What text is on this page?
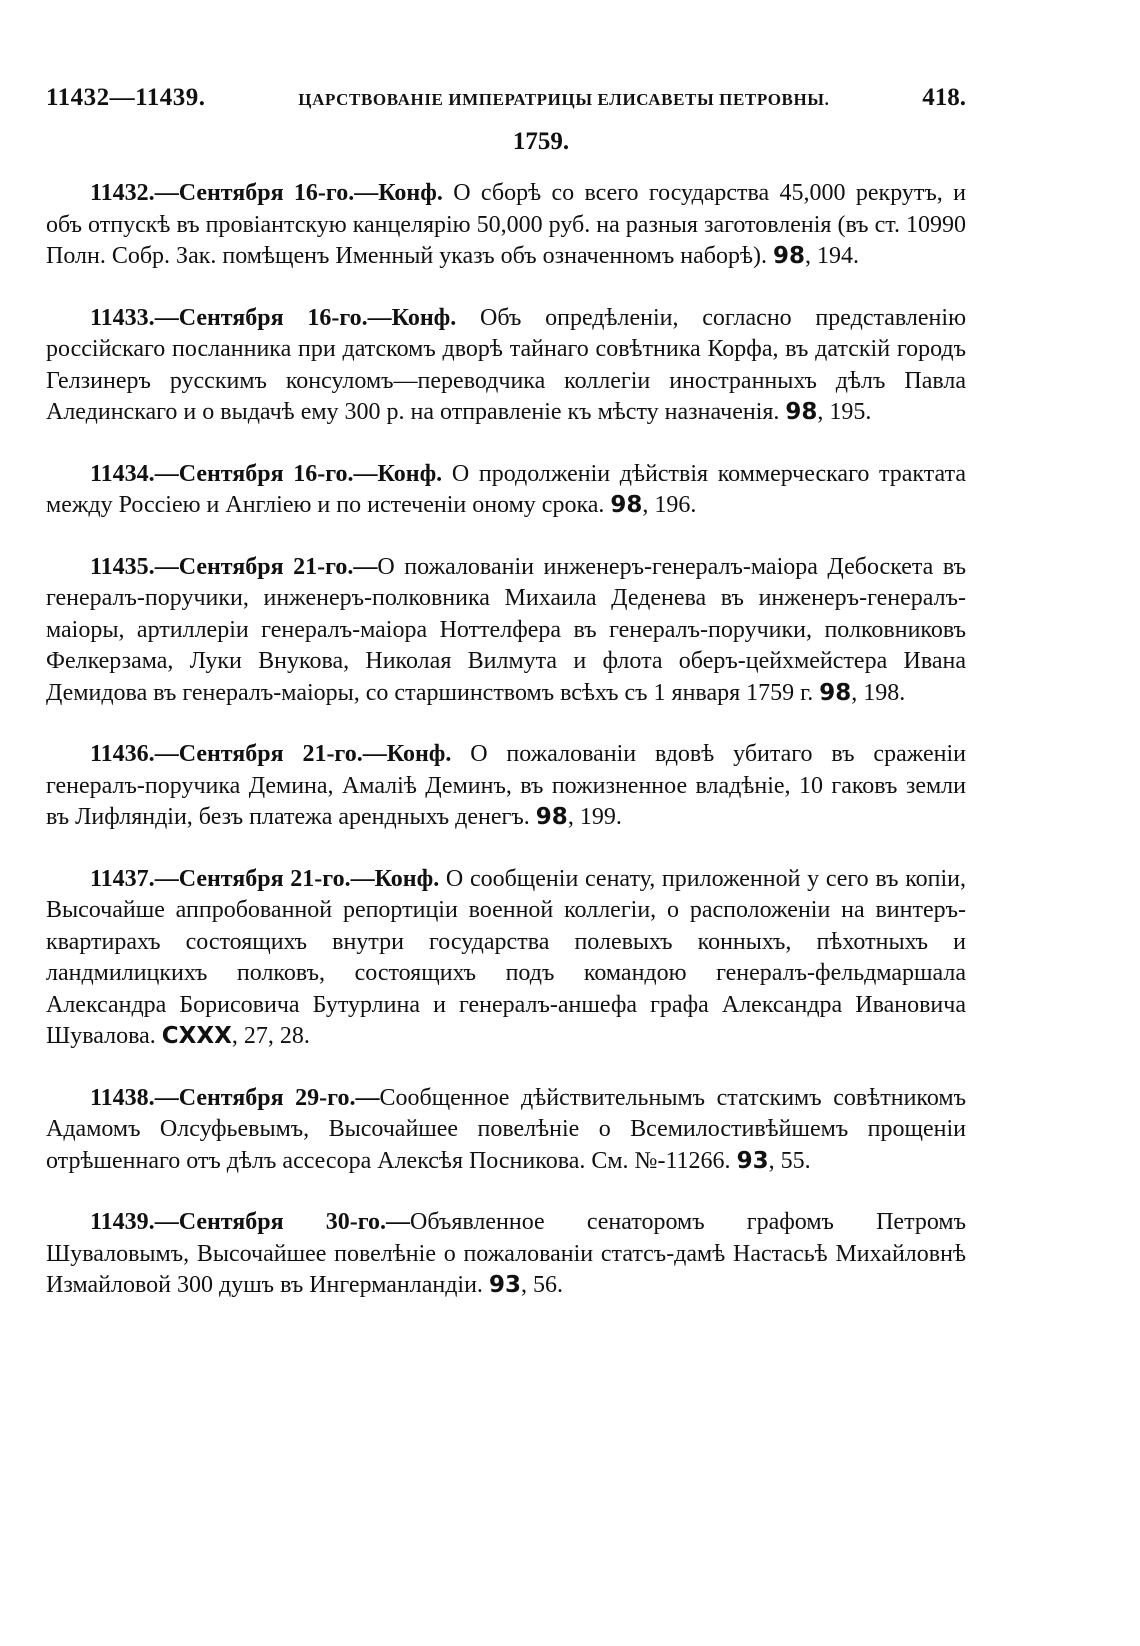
11432—11439.	ЦАРСТВОВАНІЕ ИМПЕРАТРИЦЫ ЕЛИСАВЕТЫ ПЕТРОВНЫ.	418.
1759.
11432.—Сентября 16-го.—Конф. О сборѣ со всего государства 45,000 рекрутъ, и объ отпускѣ въ провіантскую канцелярію 50,000 руб. на разныя заготовленія (въ ст. 10990 Полн. Собр. Зак. помѣщенъ Именный указъ объ означенномъ наборѣ). 98, 194.
11433.—Сентября 16-го.—Конф. Объ опредѣленіи, согласно представленію россійскаго посланника при датскомъ дворѣ тайнаго совѣтника Корфа, въ датскій городъ Гелзинеръ русскимъ консуломъ—переводчика коллегіи иностранныхъ дѣлъ Павла Алединскаго и о выдачѣ ему 300 р. на отправленіе къ мѣсту назначенія. 98, 195.
11434.—Сентября 16-го.—Конф. О продолженіи дѣйствія коммерческаго трактата между Россіею и Англіею и по истеченіи оному срока. 98, 196.
11435.—Сентября 21-го.—О пожалованіи инженеръ-генералъ-маіора Дебоскета въ генералъ-поручики, инженеръ-полковника Михаила Деденева въ инженеръ-генералъ-маіоры, артиллеріи генералъ-маіора Ноттелфера въ генералъ-поручики, полковниковъ Фелкерзама, Луки Внукова, Николая Вилмута и флота оберъ-цейхмейстера Ивана Демидова въ генералъ-маіоры, со старшинствомъ всѣхъ съ 1 января 1759 г. 98, 198.
11436.—Сентября 21-го.—Конф. О пожалованіи вдовѣ убитаго въ сраженіи генералъ-поручика Демина, Амаліѣ Деминъ, въ пожизненное владѣніе, 10 гаковъ земли въ Лифляндіи, безъ платежа арендныхъ денегъ. 98, 199.
11437.—Сентября 21-го.—Конф. О сообщеніи сенату, приложенной у сего въ копіи, Высочайше аппробованной репортиціи военной коллегіи, о расположеніи на винтеръ-квартирахъ состоящихъ внутри государства полевыхъ конныхъ, пѣхотныхъ и ландмилицкихъ полковъ, состоящихъ подъ командою генералъ-фельдмаршала Александра Борисовича Бутурлина и генералъ-аншефа графа Александра Ивановича Шувалова. CXXX, 27, 28.
11438.—Сентября 29-го.—Сообщенное дѣйствительнымъ статскимъ совѣтникомъ Адамомъ Олсуфьевымъ, Высочайшее повелѣніе о Всемилостивѣйшемъ прощеніи отрѣшеннаго отъ дѣлъ ассесора Алексѣя Посникова. См. №-11266. 93, 55.
11439.—Сентября 30-го.—Объявленное сенаторомъ графомъ Петромъ Шуваловымъ, Высочайшее повелѣніе о пожалованіи статсъ-дамѣ Настасьѣ Михайловнѣ Измайловой 300 душъ въ Ингерманландіи. 93, 56.
